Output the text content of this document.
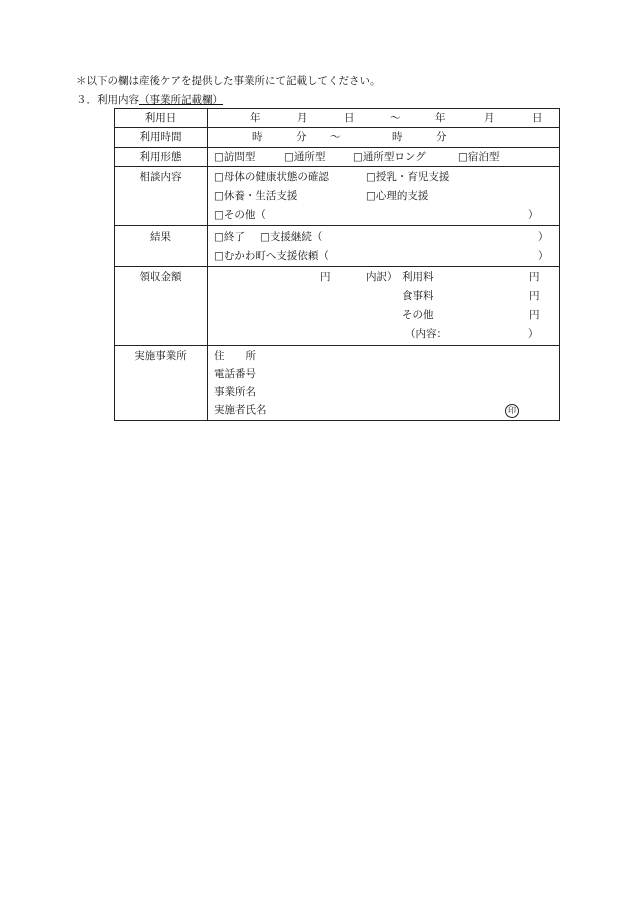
＊以下の欄は産後ケアを提供した事業所にて記載してください。
３．利用内容（事業所記載欄）
利用日	年	月	日	～	年	月	日
利用時間	時	分 ～	時	分
利用形態	□訪問型	□通所型	□通所型ロング	□宿泊型
相談内容	□母体の健康状態の確認	□授乳・育児支援
□休養・生活支援	□心理的支援
□その他（	）
結果	□終了 □支援継続（	）
□むかわ町へ支援依頼（	）
領収金額	円	内訳） 利用料	円
食事料	円
その他	円
（内容：	）
実施事業所	住　　所
電話番号
事業所名
実施者氏名	印
